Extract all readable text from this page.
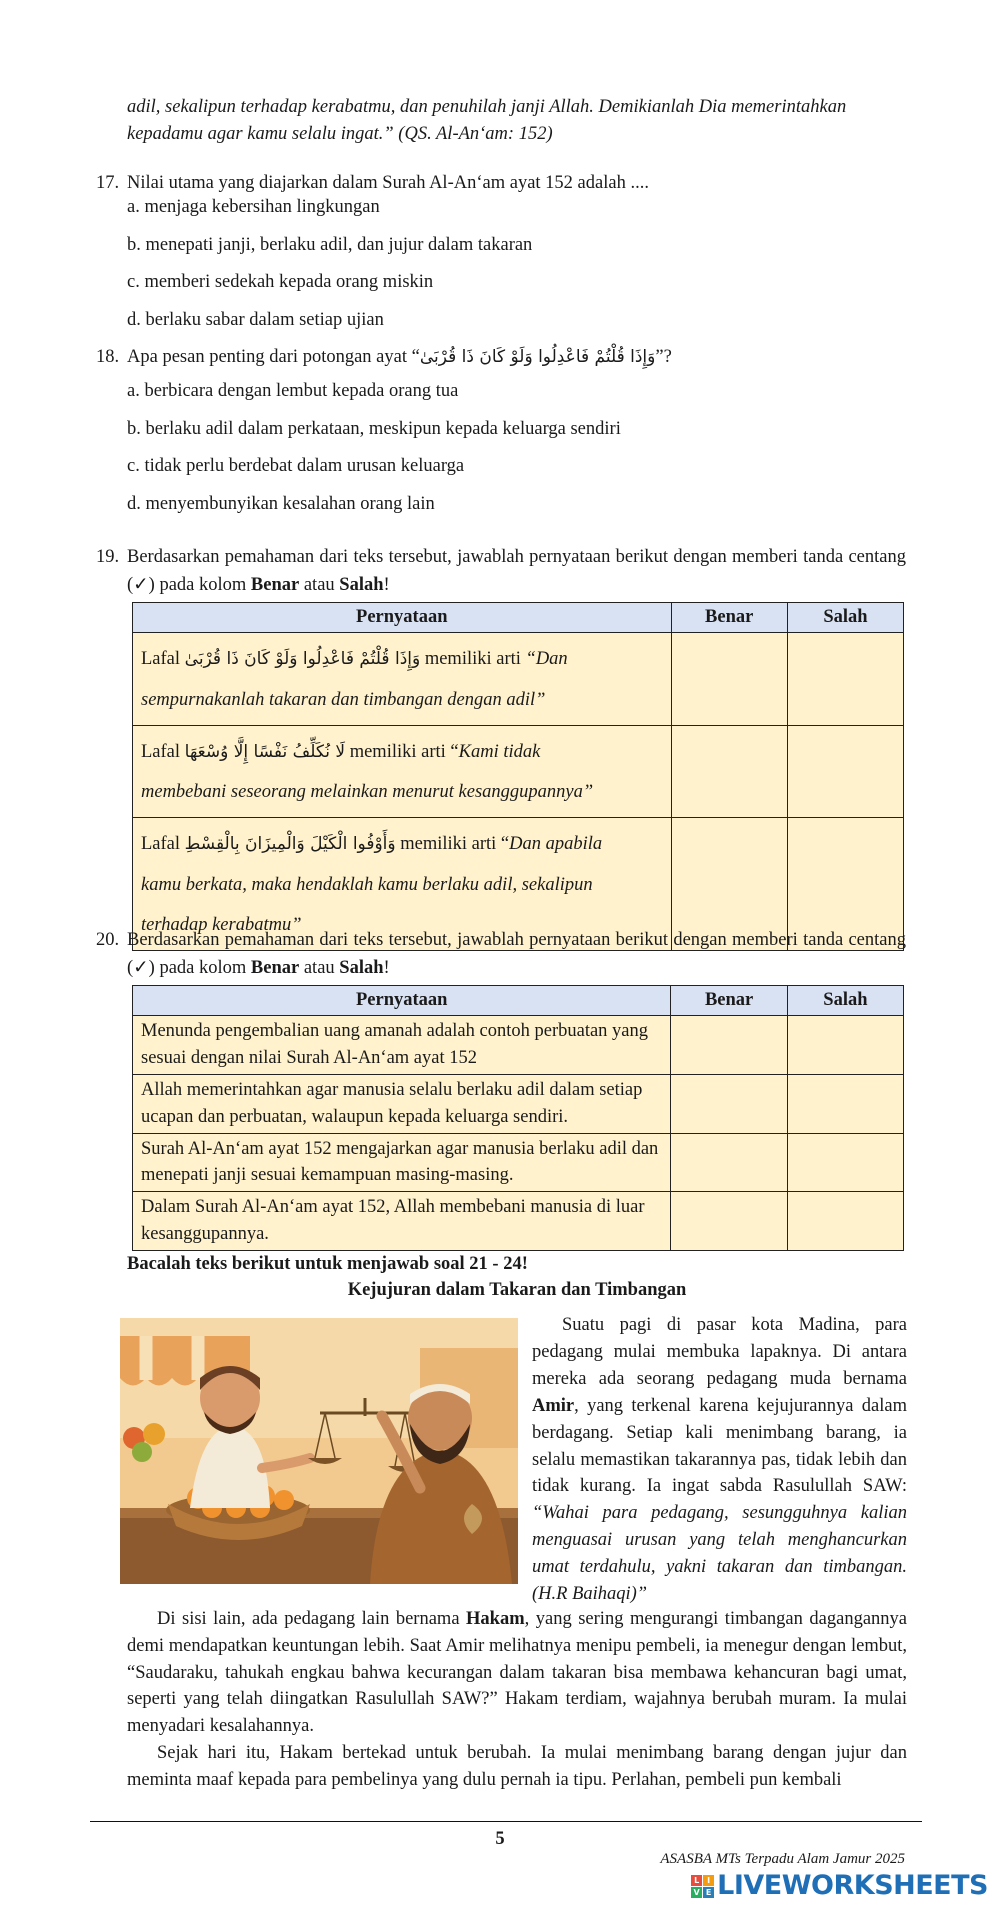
adil, sekalipun terhadap kerabatmu, dan penuhilah janji Allah. Demikianlah Dia memerintahkan kepadamu agar kamu selalu ingat.” (QS. Al-An‘am: 152)
17. Nilai utama yang diajarkan dalam Surah Al-An‘am ayat 152 adalah ....
a. menjaga kebersihan lingkungan
b. menepati janji, berlaku adil, dan jujur dalam takaran
c. memberi sedekah kepada orang miskin
d. berlaku sabar dalam setiap ujian
18. Apa pesan penting dari potongan ayat “وَإِذَا قُلْتُمْ فَاعْدِلُوا وَلَوْ كَانَ ذَا قُرْبَىٰ”?
a. berbicara dengan lembut kepada orang tua
b. berlaku adil dalam perkataan, meskipun kepada keluarga sendiri
c. tidak perlu berdebat dalam urusan keluarga
d. menyembunyikan kesalahan orang lain
19. Berdasarkan pemahaman dari teks tersebut, jawablah pernyataan berikut dengan memberi tanda centang (✓) pada kolom Benar atau Salah!
Pernyataan	Benar	Salah
Lafal وَإِذَا قُلْتُمْ فَاعْدِلُوا وَلَوْ كَانَ ذَا قُرْبَىٰ memiliki arti “Dan
sempurnakanlah takaran dan timbangan dengan adil”		
Lafal لَا نُكَلِّفُ نَفْسًا إِلَّا وُسْعَهَا memiliki arti “Kami tidak
membebani seseorang melainkan menurut kesanggupannya”		
Lafal وَأَوْفُوا الْكَيْلَ وَالْمِيزَانَ بِالْقِسْطِ memiliki arti “Dan apabila
kamu berkata, maka hendaklah kamu berlaku adil, sekalipun
terhadap kerabatmu”		
20. Berdasarkan pemahaman dari teks tersebut, jawablah pernyataan berikut dengan memberi tanda centang (✓) pada kolom Benar atau Salah!
Pernyataan	Benar	Salah
Menunda pengembalian uang amanah adalah contoh perbuatan yang sesuai dengan nilai Surah Al-An‘am ayat 152		
Allah memerintahkan agar manusia selalu berlaku adil dalam setiap ucapan dan perbuatan, walaupun kepada keluarga sendiri.		
Surah Al-An‘am ayat 152 mengajarkan agar manusia berlaku adil dan menepati janji sesuai kemampuan masing-masing.		
Dalam Surah Al-An‘am ayat 152, Allah membebani manusia di luar kesanggupannya.		
Bacalah teks berikut untuk menjawab soal 21 - 24!
Kejujuran dalam Takaran dan Timbangan

Suatu pagi di pasar kota Madina, para pedagang mulai membuka lapaknya. Di antara mereka ada seorang pedagang muda bernama Amir, yang terkenal karena kejujurannya dalam berdagang. Setiap kali menimbang barang, ia selalu memastikan takarannya pas, tidak lebih dan tidak kurang. Ia ingat sabda Rasulullah SAW: “Wahai para pedagang, sesungguhnya kalian menguasai urusan yang telah menghancurkan umat terdahulu, yakni takaran dan timbangan.(H.R Baihaqi)”

Di sisi lain, ada pedagang lain bernama Hakam, yang sering mengurangi timbangan dagangannya demi mendapatkan keuntungan lebih. Saat Amir melihatnya menipu pembeli, ia menegur dengan lembut, “Saudaraku, tahukah engkau bahwa kecurangan dalam takaran bisa membawa kehancuran bagi umat, seperti yang telah diingatkan Rasulullah SAW?” Hakam terdiam, wajahnya berubah muram. Ia mulai menyadari kesalahannya.

Sejak hari itu, Hakam bertekad untuk berubah. Ia mulai menimbang barang dengan jujur dan meminta maaf kepada para pembelinya yang dulu pernah ia tipu. Perlahan, pembeli pun kembali

5
ASASBA MTs Terpadu Alam Jamur 2025
L I
V E LIVEWORKSHEETS
